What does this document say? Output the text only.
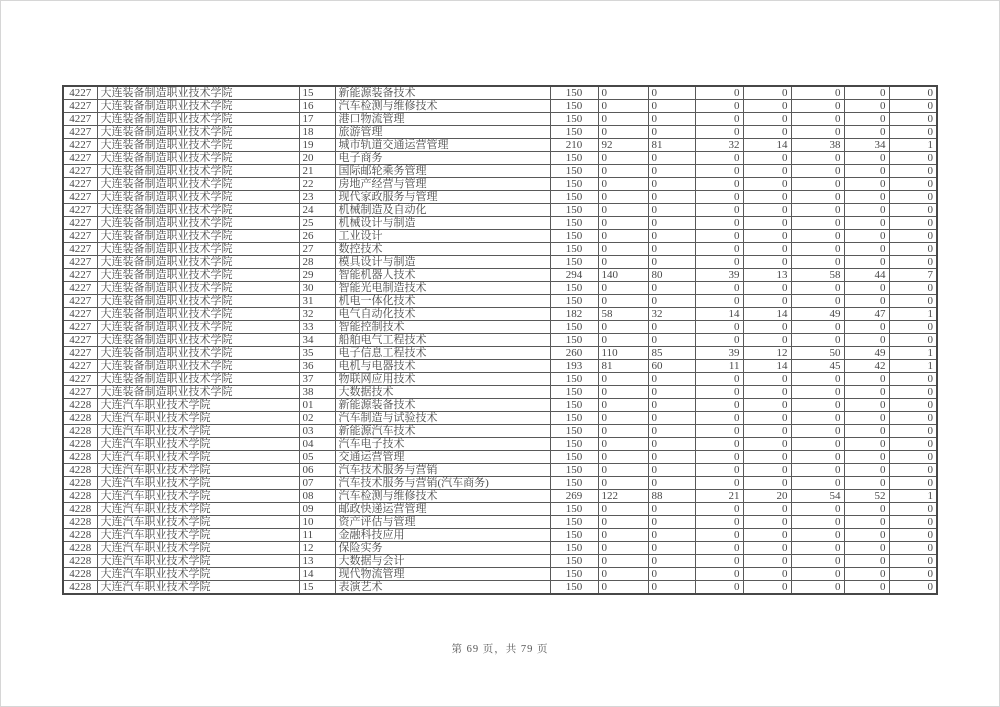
4227	大连装备制造职业技术学院	15	新能源装备技术	150	0	0	0	0	0	0	0
4227	大连装备制造职业技术学院	16	汽车检测与维修技术	150	0	0	0	0	0	0	0
4227	大连装备制造职业技术学院	17	港口物流管理	150	0	0	0	0	0	0	0
4227	大连装备制造职业技术学院	18	旅游管理	150	0	0	0	0	0	0	0
4227	大连装备制造职业技术学院	19	城市轨道交通运营管理	210	92	81	32	14	38	34	1
4227	大连装备制造职业技术学院	20	电子商务	150	0	0	0	0	0	0	0
4227	大连装备制造职业技术学院	21	国际邮轮乘务管理	150	0	0	0	0	0	0	0
4227	大连装备制造职业技术学院	22	房地产经营与管理	150	0	0	0	0	0	0	0
4227	大连装备制造职业技术学院	23	现代家政服务与管理	150	0	0	0	0	0	0	0
4227	大连装备制造职业技术学院	24	机械制造及自动化	150	0	0	0	0	0	0	0
4227	大连装备制造职业技术学院	25	机械设计与制造	150	0	0	0	0	0	0	0
4227	大连装备制造职业技术学院	26	工业设计	150	0	0	0	0	0	0	0
4227	大连装备制造职业技术学院	27	数控技术	150	0	0	0	0	0	0	0
4227	大连装备制造职业技术学院	28	模具设计与制造	150	0	0	0	0	0	0	0
4227	大连装备制造职业技术学院	29	智能机器人技术	294	140	80	39	13	58	44	7
4227	大连装备制造职业技术学院	30	智能光电制造技术	150	0	0	0	0	0	0	0
4227	大连装备制造职业技术学院	31	机电一体化技术	150	0	0	0	0	0	0	0
4227	大连装备制造职业技术学院	32	电气自动化技术	182	58	32	14	14	49	47	1
4227	大连装备制造职业技术学院	33	智能控制技术	150	0	0	0	0	0	0	0
4227	大连装备制造职业技术学院	34	船舶电气工程技术	150	0	0	0	0	0	0	0
4227	大连装备制造职业技术学院	35	电子信息工程技术	260	110	85	39	12	50	49	1
4227	大连装备制造职业技术学院	36	电机与电器技术	193	81	60	11	14	45	42	1
4227	大连装备制造职业技术学院	37	物联网应用技术	150	0	0	0	0	0	0	0
4227	大连装备制造职业技术学院	38	大数据技术	150	0	0	0	0	0	0	0
4228	大连汽车职业技术学院	01	新能源装备技术	150	0	0	0	0	0	0	0
4228	大连汽车职业技术学院	02	汽车制造与试验技术	150	0	0	0	0	0	0	0
4228	大连汽车职业技术学院	03	新能源汽车技术	150	0	0	0	0	0	0	0
4228	大连汽车职业技术学院	04	汽车电子技术	150	0	0	0	0	0	0	0
4228	大连汽车职业技术学院	05	交通运营管理	150	0	0	0	0	0	0	0
4228	大连汽车职业技术学院	06	汽车技术服务与营销	150	0	0	0	0	0	0	0
4228	大连汽车职业技术学院	07	汽车技术服务与营销(汽车商务)	150	0	0	0	0	0	0	0
4228	大连汽车职业技术学院	08	汽车检测与维修技术	269	122	88	21	20	54	52	1
4228	大连汽车职业技术学院	09	邮政快递运营管理	150	0	0	0	0	0	0	0
4228	大连汽车职业技术学院	10	资产评估与管理	150	0	0	0	0	0	0	0
4228	大连汽车职业技术学院	11	金融科技应用	150	0	0	0	0	0	0	0
4228	大连汽车职业技术学院	12	保险实务	150	0	0	0	0	0	0	0
4228	大连汽车职业技术学院	13	大数据与会计	150	0	0	0	0	0	0	0
4228	大连汽车职业技术学院	14	现代物流管理	150	0	0	0	0	0	0	0
4228	大连汽车职业技术学院	15	表演艺术	150	0	0	0	0	0	0	0
第 69 页，共 79 页
